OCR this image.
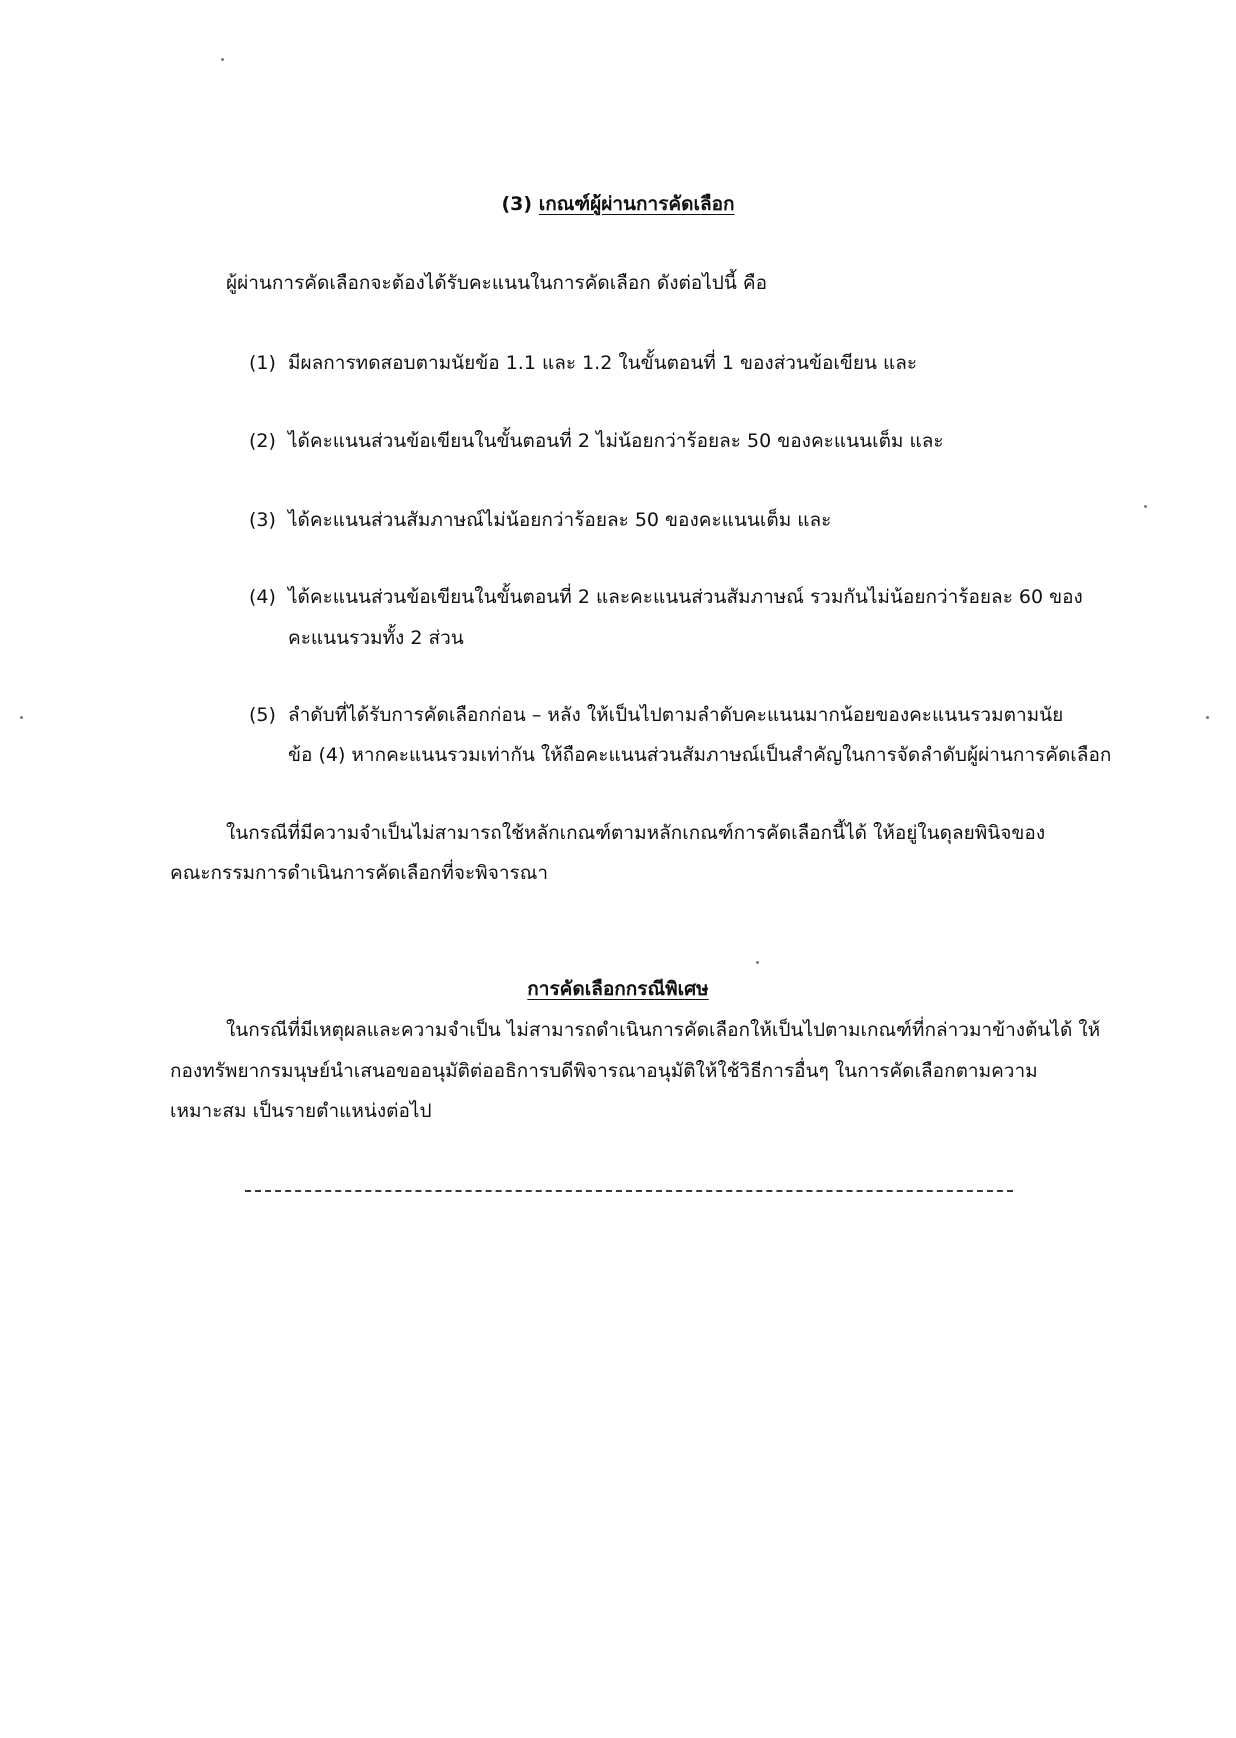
(3) เกณฑ์ผู้ผ่านการคัดเลือก
ผู้ผ่านการคัดเลือกจะต้องได้รับคะแนนในการคัดเลือก ดังต่อไปนี้ คือ
(1) มีผลการทดสอบตามนัยข้อ 1.1 และ 1.2 ในขั้นตอนที่ 1 ของส่วนข้อเขียน และ
(2) ได้คะแนนส่วนข้อเขียนในขั้นตอนที่ 2 ไม่น้อยกว่าร้อยละ 50 ของคะแนนเต็ม และ
(3) ได้คะแนนส่วนสัมภาษณ์ไม่น้อยกว่าร้อยละ 50 ของคะแนนเต็ม และ
(4) ได้คะแนนส่วนข้อเขียนในขั้นตอนที่ 2 และคะแนนส่วนสัมภาษณ์ รวมกันไม่น้อยกว่าร้อยละ 60 ของ
คะแนนรวมทั้ง 2 ส่วน
(5) ลำดับที่ได้รับการคัดเลือกก่อน – หลัง ให้เป็นไปตามลำดับคะแนนมากน้อยของคะแนนรวมตามนัย
ข้อ (4) หากคะแนนรวมเท่ากัน ให้ถือคะแนนส่วนสัมภาษณ์เป็นสำคัญในการจัดลำดับผู้ผ่านการคัดเลือก
ในกรณีที่มีความจำเป็นไม่สามารถใช้หลักเกณฑ์ตามหลักเกณฑ์การคัดเลือกนี้ได้ ให้อยู่ในดุลยพินิจของ
คณะกรรมการดำเนินการคัดเลือกที่จะพิจารณา
การคัดเลือกกรณีพิเศษ
ในกรณีที่มีเหตุผลและความจำเป็น ไม่สามารถดำเนินการคัดเลือกให้เป็นไปตามเกณฑ์ที่กล่าวมาข้างต้นได้ ให้
กองทรัพยากรมนุษย์นำเสนอขออนุมัติต่ออธิการบดีพิจารณาอนุมัติให้ใช้วิธีการอื่นๆ ในการคัดเลือกตามความ
เหมาะสม เป็นรายตำแหน่งต่อไป
